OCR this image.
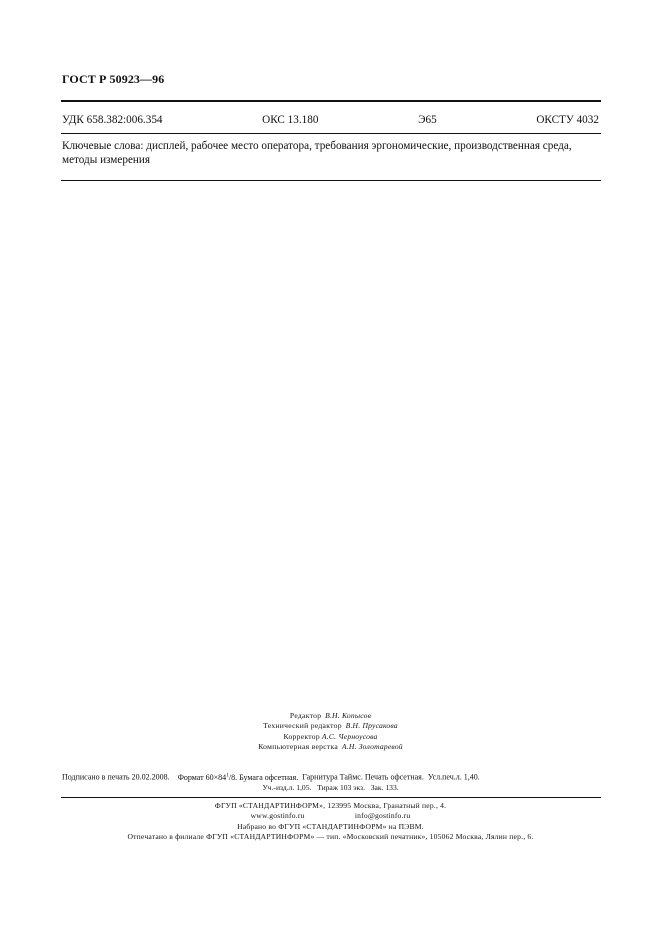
ГОСТ Р 50923—96
УДК 658.382:006.354	ОКС 13.180	Э65	ОКСТУ 4032
Ключевые слова: дисплей, рабочее место оператора, требования эргономические, производственная среда, методы измерения
Редактор В.Н. Копысов
Технический редактор В.Н. Прусакова
Корректор А.С. Черноусова
Компьютерная верстка А.Н. Золотаревой
Подписано в печать 20.02.2008. Формат $60\times 84^1/8$. Бумага офсетная. Гарнитура Таймс. Печать офсетная. Усл.печ.л. 1,40.
Уч.-изд.л. 1,05. Тираж 103 экз. Зак. 133.
ФГУП «СТАНДАРТИНФОРМ», 123995 Москва, Гранатный пер., 4.
www.gostinfo.ru	info@gostinfo.ru
Набрано во ФГУП «СТАНДАРТИНФОРМ» на ПЭВМ.
Отпечатано в филиале ФГУП «СТАНДАРТИНФОРМ» — тип. «Московский печатник», 105062 Москва, Лялин пер., 6.
